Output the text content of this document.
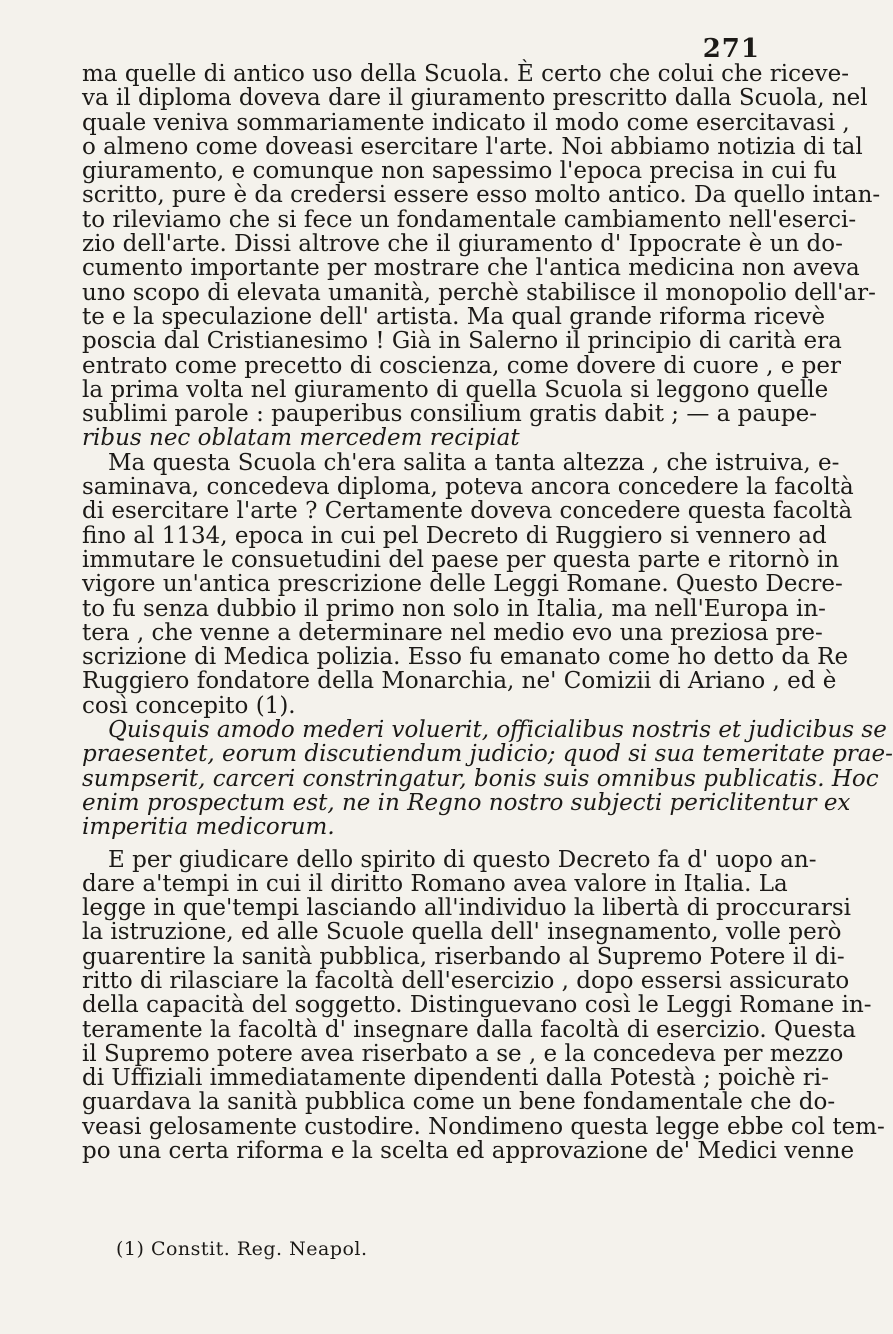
271
ma quelle di antico uso della Scuola. È certo che colui che riceve-
va il diploma doveva dare il giuramento prescritto dalla Scuola, nel
quale veniva sommariamente indicato il modo come esercitavasi ,
o almeno come doveasi esercitare l'arte. Noi abbiamo notizia di tal
giuramento, e comunque non sapessimo l'epoca precisa in cui fu
scritto, pure è da credersi essere esso molto antico. Da quello intan-
to rileviamo che si fece un fondamentale cambiamento nell'eserci-
zio dell'arte. Dissi altrove che il giuramento d' Ippocrate è un do-
cumento importante per mostrare che l'antica medicina non aveva
uno scopo di elevata umanità, perchè stabilisce il monopolio dell'ar-
te e la speculazione dell' artista. Ma qual grande riforma ricevè
poscia dal Cristianesimo ! Già in Salerno il principio di carità era
entrato come precetto di coscienza, come dovere di cuore , e per
la prima volta nel giuramento di quella Scuola si leggono quelle
sublimi parole : pauperibus consilium gratis dabit ; — a paupe-
ribus nec oblatam mercedem recipiat
Ma questa Scuola ch'era salita a tanta altezza , che istruiva, e-
saminava, concedeva diploma, poteva ancora concedere la facoltà
di esercitare l'arte ? Certamente doveva concedere questa facoltà
fino al 1134, epoca in cui pel Decreto di Ruggiero si vennero ad
immutare le consuetudini del paese per questa parte e ritornò in
vigore un'antica prescrizione delle Leggi Romane. Questo Decre-
to fu senza dubbio il primo non solo in Italia, ma nell'Europa in-
tera , che venne a determinare nel medio evo una preziosa pre-
scrizione di Medica polizia. Esso fu emanato come ho detto da Re
Ruggiero fondatore della Monarchia, ne' Comizii di Ariano , ed è
così concepito (1).
Quisquis amodo mederi voluerit, officialibus nostris et judicibus se
praesentet, eorum discutiendum judicio; quod si sua temeritate prae-
sumpserit, carceri constringatur, bonis suis omnibus publicatis. Hoc
enim prospectum est, ne in Regno nostro subjecti periclitentur ex
imperitia medicorum.
E per giudicare dello spirito di questo Decreto fa d' uopo an-
dare a'tempi in cui il diritto Romano avea valore in Italia. La
legge in que'tempi lasciando all'individuo la libertà di proccurarsi
la istruzione, ed alle Scuole quella dell' insegnamento, volle però
guarentire la sanità pubblica, riserbando al Supremo Potere il di-
ritto di rilasciare la facoltà dell'esercizio , dopo essersi assicurato
della capacità del soggetto. Distinguevano così le Leggi Romane in-
teramente la facoltà d' insegnare dalla facoltà di esercizio. Questa
il Supremo potere avea riserbato a se , e la concedeva per mezzo
di Uffiziali immediatamente dipendenti dalla Potestà ; poichè ri-
guardava la sanità pubblica come un bene fondamentale che do-
veasi gelosamente custodire. Nondimeno questa legge ebbe col tem-
po una certa riforma e la scelta ed approvazione de' Medici venne
(1) Constit. Reg. Neapol.
